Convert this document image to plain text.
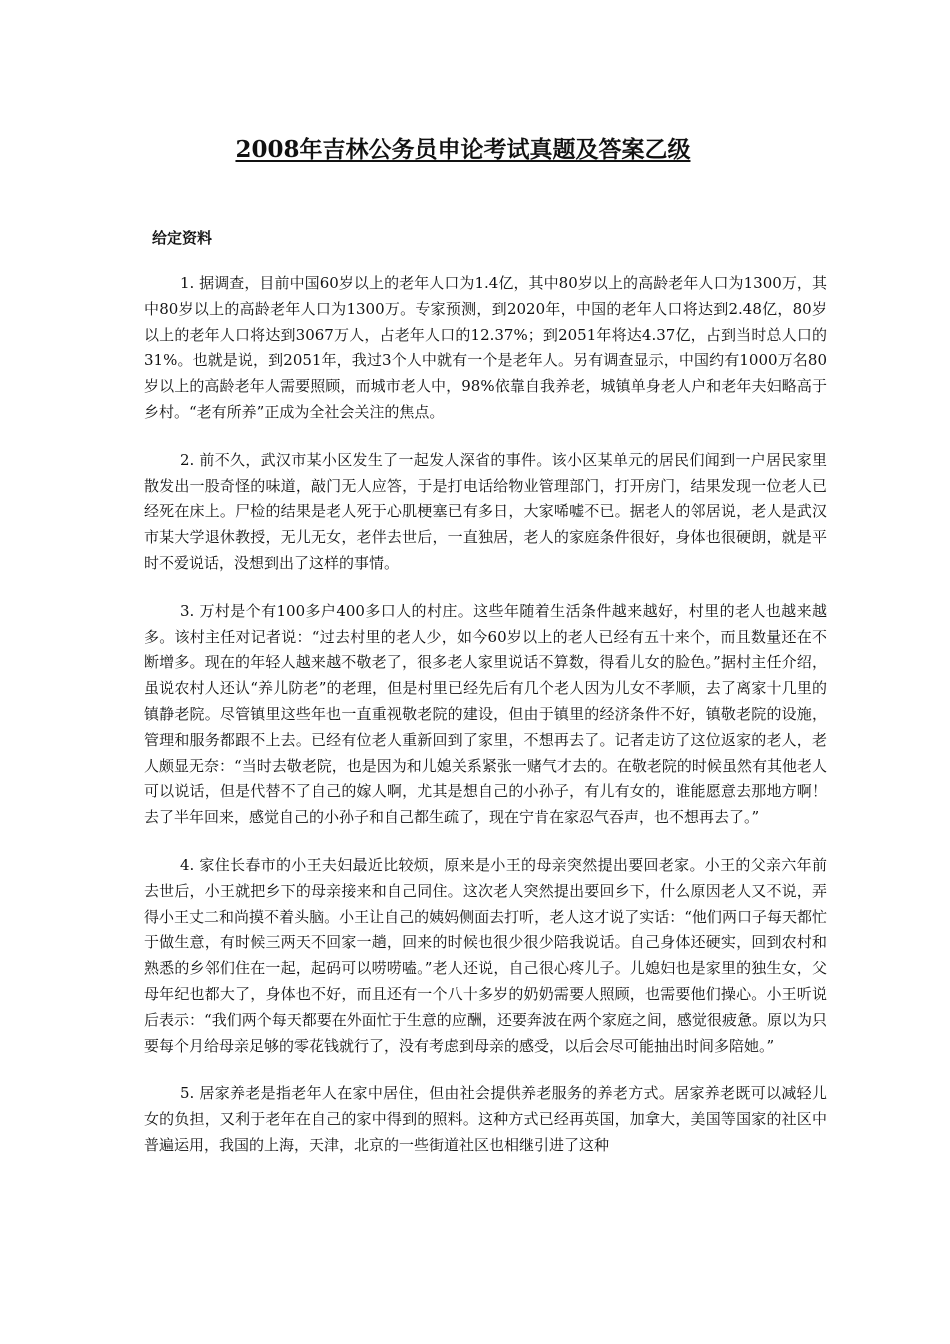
2008年吉林公务员申论考试真题及答案乙级

给定资料

1. 据调查，目前中国60岁以上的老年人口为1.4亿，其中80岁以上的高龄老年人口为1300万，其中80岁以上的高龄老年人口为1300万。专家预测，到2020年，中国的老年人口将达到2.48亿，80岁以上的老年人口将达到3067万人，占老年人口的12.37%；到2051年将达4.37亿，占到当时总人口的31%。也就是说，到2051年，我过3个人中就有一个是老年人。另有调查显示，中国约有1000万名80岁以上的高龄老年人需要照顾，而城市老人中，98%依靠自我养老，城镇单身老人户和老年夫妇略高于乡村。“老有所养”正成为全社会关注的焦点。

2. 前不久，武汉市某小区发生了一起发人深省的事件。该小区某单元的居民们闻到一户居民家里散发出一股奇怪的味道，敲门无人应答，于是打电话给物业管理部门，打开房门，结果发现一位老人已经死在床上。尸检的结果是老人死于心肌梗塞已有多日，大家唏嘘不已。据老人的邻居说，老人是武汉市某大学退休教授，无儿无女，老伴去世后，一直独居，老人的家庭条件很好，身体也很硬朗，就是平时不爱说话，没想到出了这样的事情。

3. 万村是个有100多户400多口人的村庄。这些年随着生活条件越来越好，村里的老人也越来越多。该村主任对记者说：“过去村里的老人少，如今60岁以上的老人已经有五十来个，而且数量还在不断增多。现在的年轻人越来越不敬老了，很多老人家里说话不算数，得看儿女的脸色。”据村主任介绍，虽说农村人还认“养儿防老”的老理，但是村里已经先后有几个老人因为儿女不孝顺，去了离家十几里的镇静老院。尽管镇里这些年也一直重视敬老院的建设，但由于镇里的经济条件不好，镇敬老院的设施，管理和服务都跟不上去。已经有位老人重新回到了家里，不想再去了。记者走访了这位返家的老人，老人颇显无奈：“当时去敬老院，也是因为和儿媳关系紧张一赌气才去的。在敬老院的时候虽然有其他老人可以说话，但是代替不了自己的嫁人啊，尤其是想自己的小孙子，有儿有女的，谁能愿意去那地方啊！去了半年回来，感觉自己的小孙子和自己都生疏了，现在宁肯在家忍气吞声，也不想再去了。”

4. 家住长春市的小王夫妇最近比较烦，原来是小王的母亲突然提出要回老家。小王的父亲六年前去世后，小王就把乡下的母亲接来和自己同住。这次老人突然提出要回乡下，什么原因老人又不说，弄得小王丈二和尚摸不着头脑。小王让自己的姨妈侧面去打听，老人这才说了实话：“他们两口子每天都忙于做生意，有时候三两天不回家一趟，回来的时候也很少很少陪我说话。自己身体还硬实，回到农村和熟悉的乡邻们住在一起，起码可以唠唠嗑。”老人还说，自己很心疼儿子。儿媳妇也是家里的独生女，父母年纪也都大了，身体也不好，而且还有一个八十多岁的奶奶需要人照顾，也需要他们操心。小王听说后表示：“我们两个每天都要在外面忙于生意的应酬，还要奔波在两个家庭之间，感觉很疲惫。原以为只要每个月给母亲足够的零花钱就行了，没有考虑到母亲的感受，以后会尽可能抽出时间多陪她。”

5. 居家养老是指老年人在家中居住，但由社会提供养老服务的养老方式。居家养老既可以减轻儿女的负担，又利于老年在自己的家中得到的照料。这种方式已经再英国，加拿大，美国等国家的社区中普遍运用，我国的上海，天津，北京的一些街道社区也相继引进了这种
